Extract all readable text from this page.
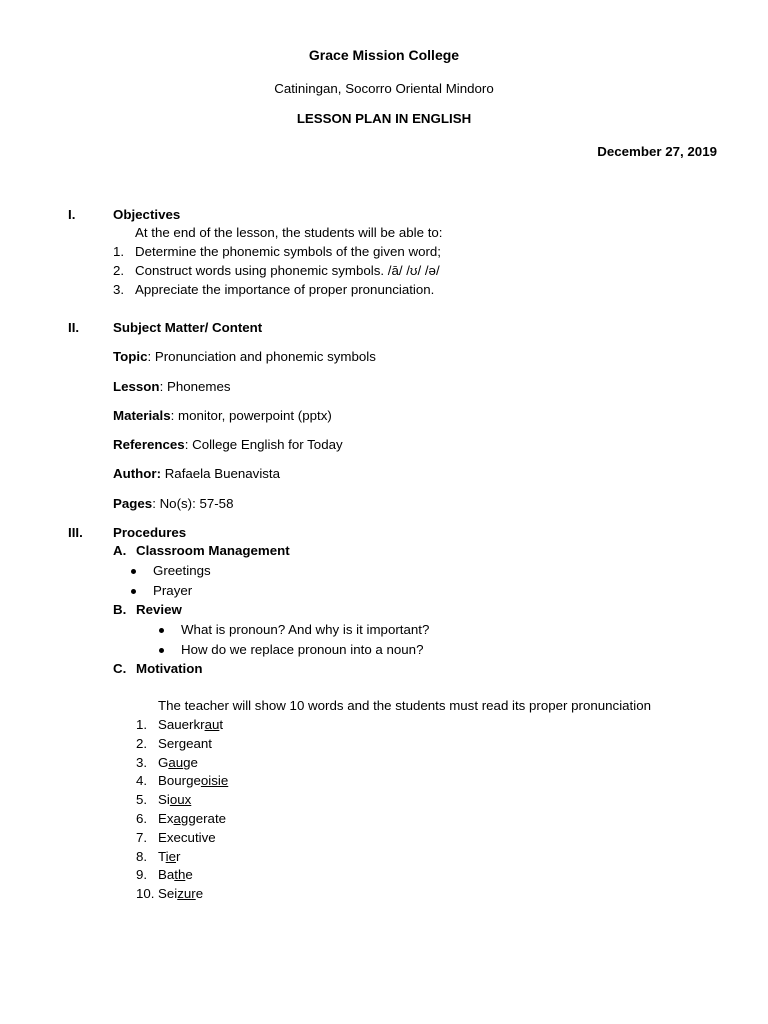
Grace Mission College
Catiningan, Socorro Oriental Mindoro
LESSON PLAN IN ENGLISH
December 27, 2019
I.	Objectives
At the end of the lesson, the students will be able to:
1. Determine the phonemic symbols of the given word;
2. Construct words using phonemic symbols. /ā/ /ʊ/ /ə/
3. Appreciate the importance of proper pronunciation.
II.	Subject Matter/ Content
Topic: Pronunciation and phonemic symbols
Lesson: Phonemes
Materials: monitor, powerpoint (pptx)
References: College English for Today
Author: Rafaela Buenavista
Pages: No(s): 57-58
III. Procedures
A. Classroom Management
Greetings
Prayer
B. Review
What is pronoun? And why is it important?
How do we replace pronoun into a noun?
C. Motivation
The teacher will show 10 words and the students must read its proper pronunciation
1. Sauerkraut
2. Sergeant
3. Gauge
4. Bourgeoisie
5. Sioux
6. Exaggerate
7. Executive
8. Tier
9. Bathe
10. Seizure
